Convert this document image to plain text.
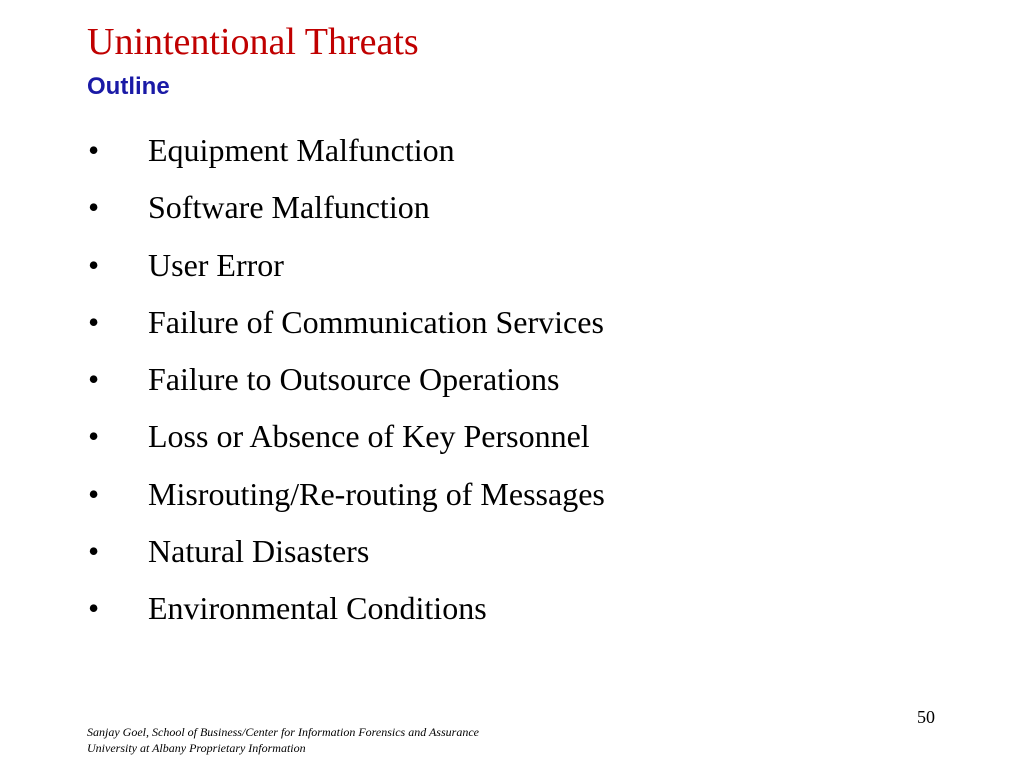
Unintentional Threats
Outline
• Equipment Malfunction
• Software Malfunction
• User Error
• Failure of Communication Services
• Failure to Outsource Operations
• Loss or Absence of Key Personnel
• Misrouting/Re-routing of Messages
• Natural Disasters
• Environmental Conditions
50
Sanjay Goel, School of Business/Center for Information Forensics and Assurance
University at Albany Proprietary Information
